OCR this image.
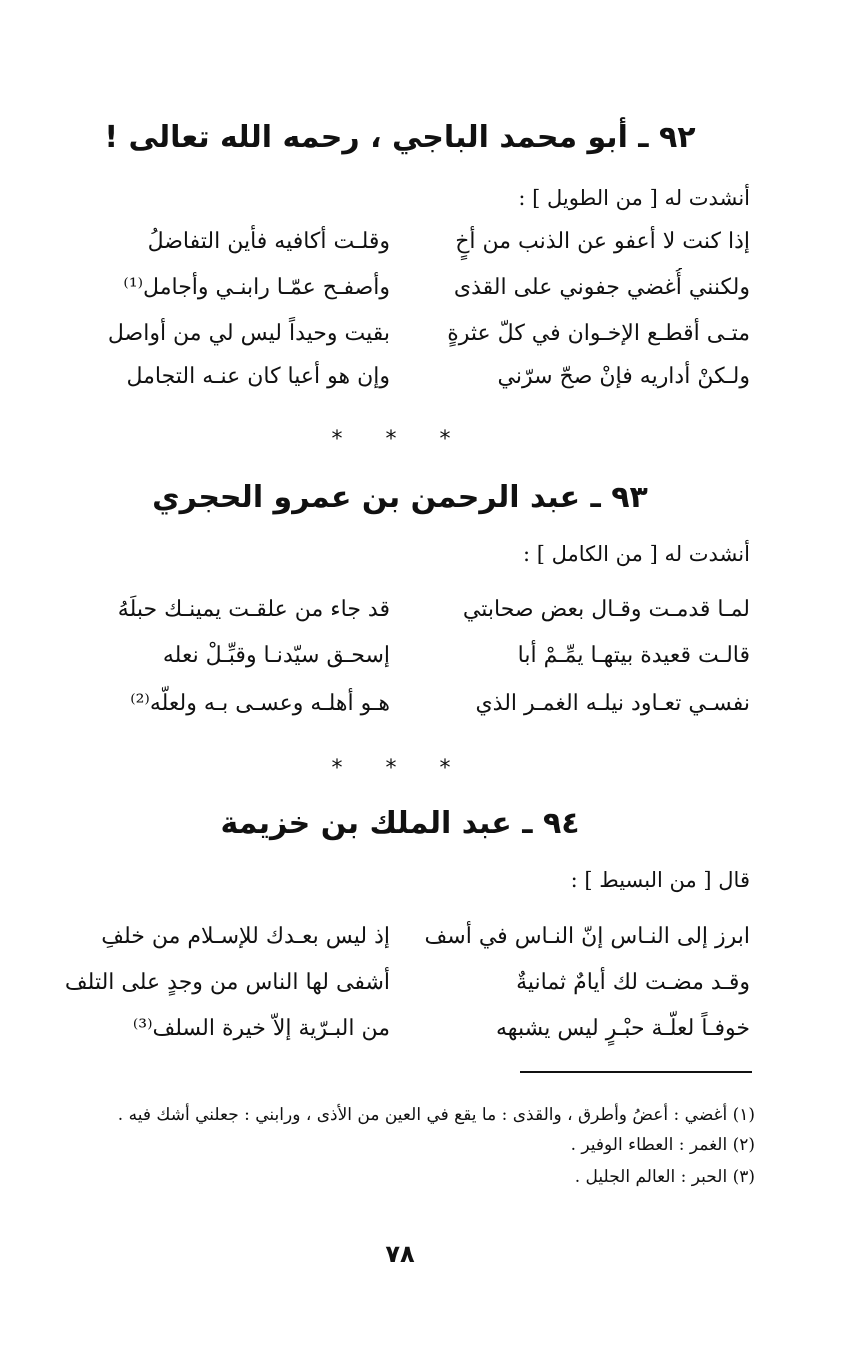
٩٢ ـ أبو محمد الباجي ، رحمه الله تعالى !
أنشدت له [ من الطويل ] :
إذا كنت لا أعفو عن الذنب من أخٍ
وقلـت أكافيه فأين التفاضلُ
ولكنني أُغضي جفوني على القذى
وأصفـح عمّـا رابنـي وأجامل⁽¹⁾
متـى أقطـع الإخـوان في كلّ عثرةٍ
بقيت وحيداً ليس لي من أواصل
ولـكنْ أداريه فإنْ صحّ سرّني
وإن هو أعيا كان عنـه التجامل
* * *
٩٣ ـ عبد الرحمن بن عمرو الحجري
أنشدت له [ من الكامل ] :
لمـا قدمـت وقـال بعض صحابتي
قد جاء من علقـت يمينـك حبلَهُ
قالـت قعيدة بيتهـا يمِّـمْ أبا
إسحـق سيّدنـا وقبِّـلْ نعله
نفسـي تعـاود نيلـه الغمـر الذي
هـو أهلـه وعسـى بـه ولعلّه⁽²⁾
* * *
٩٤ ـ عبد الملك بن خزيمة
قال [ من البسيط ] :
ابرز إلى النـاس إنّ النـاس في أسف
إذ ليس بعـدك للإسـلام من خلفِ
وقـد مضـت لك أيامٌ ثمانيةٌ
أشفى لها الناس من وجدٍ على التلف
خوفـاً لعلّـة حبْـرٍ ليس يشبهه
من البـرّية إلاّ خيرة السلف⁽³⁾
(١) أغضي : أعضُ وأطرق ، والقذى : ما يقع في العين من الأذى ، ورابني : جعلني أشك فيه .
(٢) الغمر : العطاء الوفير .
(٣) الحبر : العالم الجليل .
٧٨
